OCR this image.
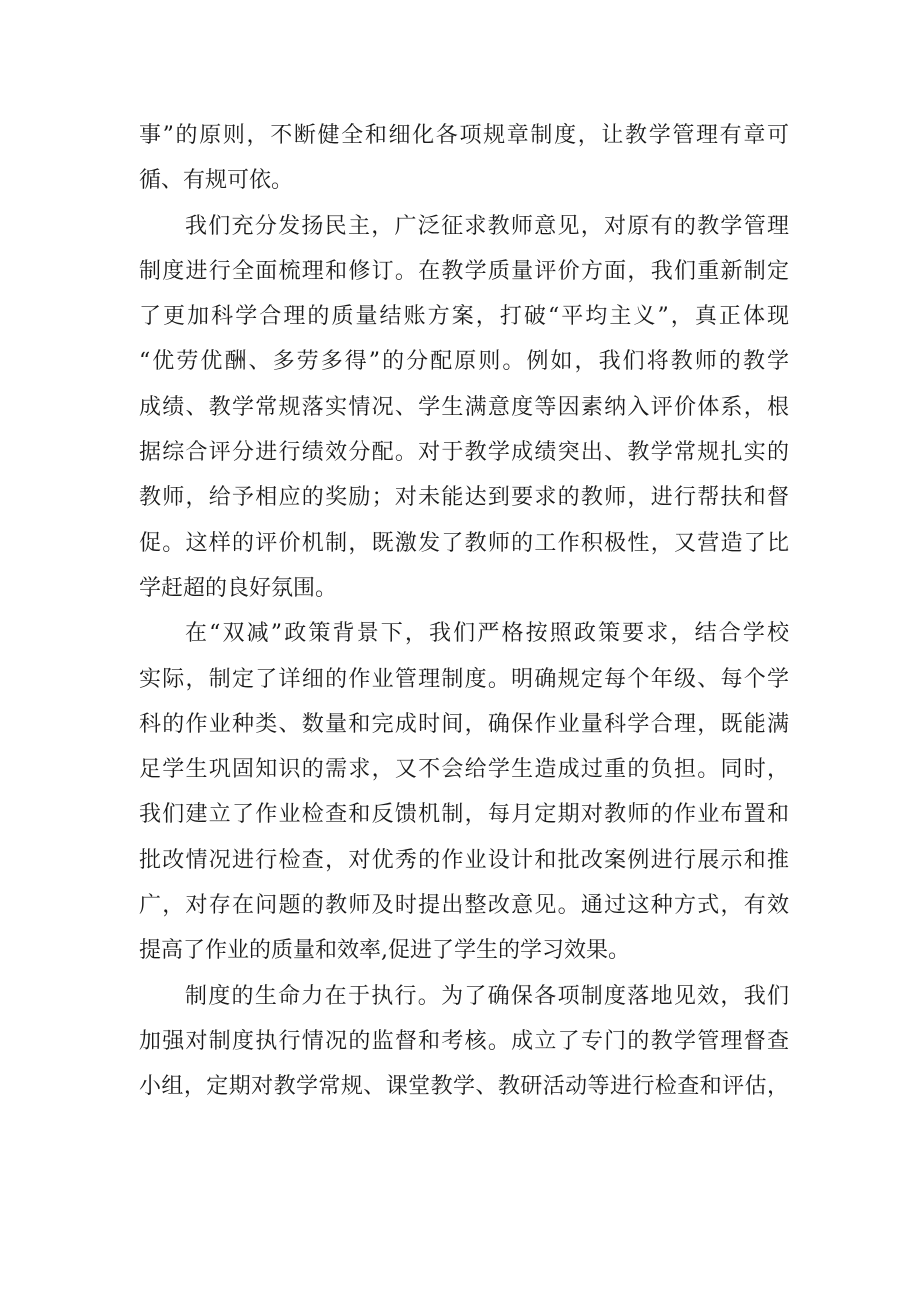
事”的原则，不断健全和细化各项规章制度，让教学管理有章可
循、有规可依。
我们充分发扬民主，广泛征求教师意见，对原有的教学管理
制度进行全面梳理和修订。在教学质量评价方面，我们重新制定
了更加科学合理的质量结账方案，打破“平均主义”，真正体现
“优劳优酬、多劳多得”的分配原则。例如，我们将教师的教学
成绩、教学常规落实情况、学生满意度等因素纳入评价体系，根
据综合评分进行绩效分配。对于教学成绩突出、教学常规扎实的
教师，给予相应的奖励；对未能达到要求的教师，进行帮扶和督
促。这样的评价机制，既激发了教师的工作积极性，又营造了比
学赶超的良好氛围。
在“双减”政策背景下，我们严格按照政策要求，结合学校
实际，制定了详细的作业管理制度。明确规定每个年级、每个学
科的作业种类、数量和完成时间，确保作业量科学合理，既能满
足学生巩固知识的需求，又不会给学生造成过重的负担。同时，
我们建立了作业检查和反馈机制，每月定期对教师的作业布置和
批改情况进行检查，对优秀的作业设计和批改案例进行展示和推
广，对存在问题的教师及时提出整改意见。通过这种方式，有效
提高了作业的质量和效率,促进了学生的学习效果。
制度的生命力在于执行。为了确保各项制度落地见效，我们
加强对制度执行情况的监督和考核。成立了专门的教学管理督查
小组，定期对教学常规、课堂教学、教研活动等进行检查和评估，
